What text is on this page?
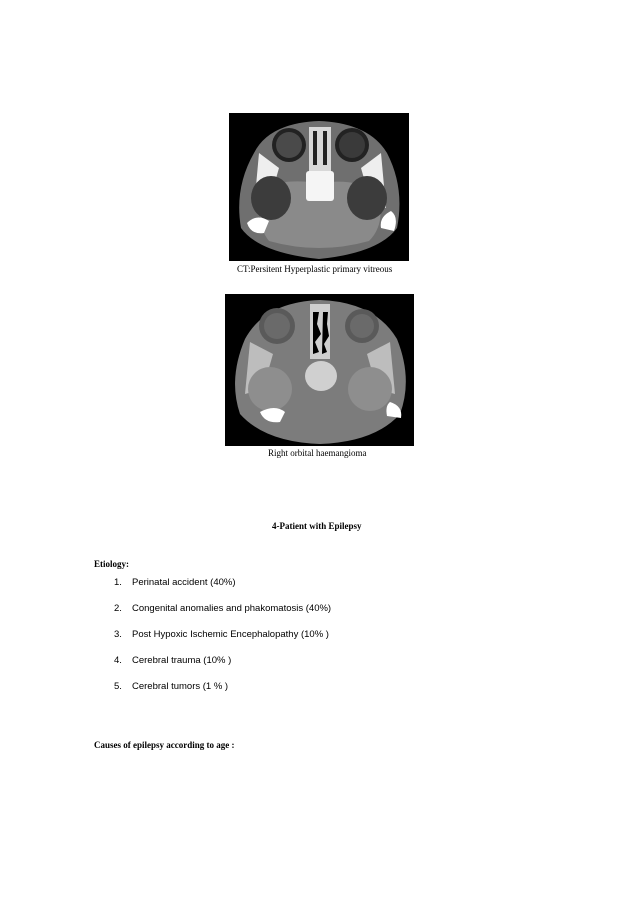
CT:Persitent Hyperplastic primary vitreous
Right orbital haemangioma
4-Patient with Epilepsy
Etiology:
1. Perinatal accident (40%)
2. Congenital anomalies and phakomatosis (40%)
3. Post Hypoxic Ischemic Encephalopathy (10% )
4. Cerebral trauma (10% )
5. Cerebral tumors (1 % )
Causes of epilepsy according to age :
